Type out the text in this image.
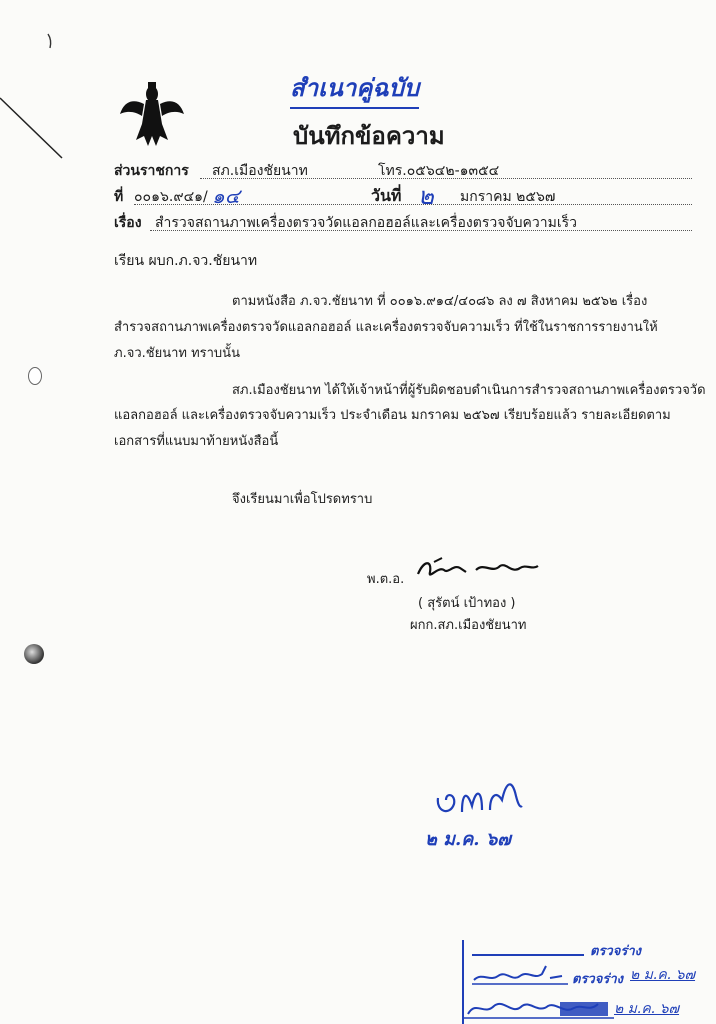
สำเนาคู่ฉบับ
บันทึกข้อความ
ส่วนราชการ สภ.เมืองชัยนาท	โทร.๐๕๖๔๒-๑๓๕๔
ที่ ๐๐๑๖.๙๔๑/ ๑๔	วันที่ ๒ มกราคม ๒๕๖๗
เรื่อง สำรวจสถานภาพเครื่องตรวจวัดแอลกอฮอล์และเครื่องตรวจจับความเร็ว
เรียน ผบก.ภ.จว.ชัยนาท
ตามหนังสือ ภ.จว.ชัยนาท ที่ ๐๐๑๖.๙๑๔/๔๐๘๖ ลง ๗ สิงหาคม ๒๕๖๒ เรื่อง
สำรวจสถานภาพเครื่องตรวจวัดแอลกอฮอล์ และเครื่องตรวจจับความเร็ว ที่ใช้ในราชการรายงานให้
ภ.จว.ชัยนาท ทราบนั้น
สภ.เมืองชัยนาท ได้ให้เจ้าหน้าที่ผู้รับผิดชอบดำเนินการสำรวจสถานภาพเครื่องตรวจวัด
แอลกอฮอล์ และเครื่องตรวจจับความเร็ว ประจำเดือน มกราคม ๒๕๖๗ เรียบร้อยแล้ว รายละเอียดตาม
เอกสารที่แนบมาท้ายหนังสือนี้
จึงเรียนมาเพื่อโปรดทราบ
พ.ต.อ.
( สุรัตน์ เป้าทอง )
ผกก.สภ.เมืองชัยนาท
๒ ม.ค. ๖๗
ตรวจร่าง
ตรวจร่าง ๒ ม.ค. ๖๗
๒ ม.ค. ๖๗
